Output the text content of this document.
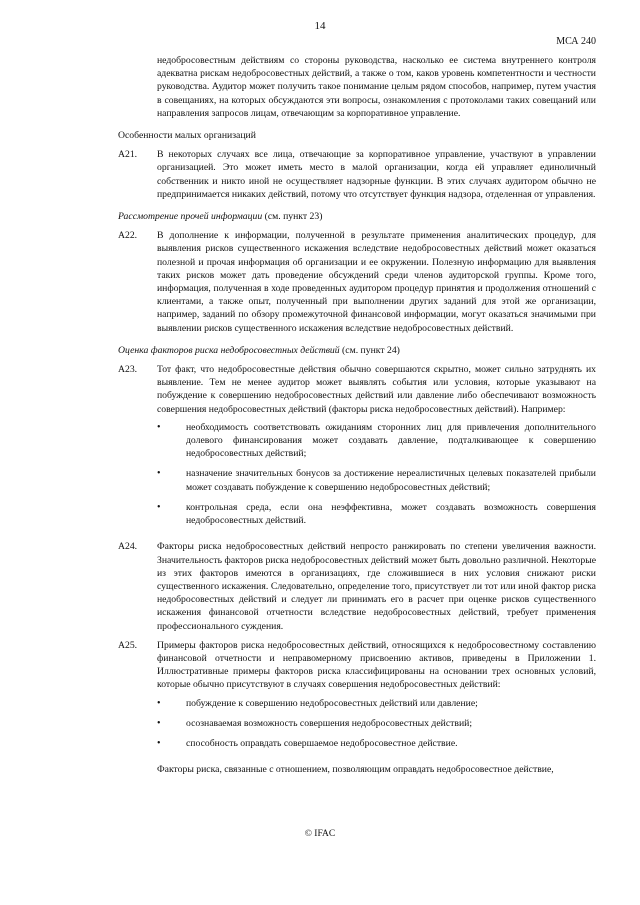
14
МСА 240

недобросовестным действиям со стороны руководства, насколько ее система внутреннего контроля адекватна рискам недобросовестных действий, а также о том, каков уровень компетентности и честности руководства. Аудитор может получить такое понимание целым рядом способов, например, путем участия в совещаниях, на которых обсуждаются эти вопросы, ознакомления с протоколами таких совещаний или направления запросов лицам, отвечающим за корпоративное управление.

Особенности малых организаций
A21.	В некоторых случаях все лица, отвечающие за корпоративное управление, участвуют в управлении организацией. Это может иметь место в малой организации, когда ей управляет единоличный собственник и никто иной не осуществляет надзорные функции. В этих случаях аудитором обычно не предпринимается никаких действий, потому что отсутствует функция надзора, отделенная от управления.
Рассмотрение прочей информации (см. пункт 23)
A22.	В дополнение к информации, полученной в результате применения аналитических процедур, для выявления рисков существенного искажения вследствие недобросовестных действий может оказаться полезной и прочая информация об организации и ее окружении. Полезную информацию для выявления таких рисков может дать проведение обсуждений среди членов аудиторской группы. Кроме того, информация, полученная в ходе проведенных аудитором процедур принятия и продолжения отношений с клиентами, а также опыт, полученный при выполнении других заданий для этой же организации, например, заданий по обзору промежуточной финансовой информации, могут оказаться значимыми при выявлении рисков существенного искажения вследствие недобросовестных действий.
Оценка факторов риска недобросовестных действий (см. пункт 24)
A23.	Тот факт, что недобросовестные действия обычно совершаются скрытно, может сильно затруднять их выявление. Тем не менее аудитор может выявлять события или условия, которые указывают на побуждение к совершению недобросовестных действий или давление либо обеспечивают возможность совершения недобросовестных действий (факторы риска недобросовестных действий). Например:
•	необходимость соответствовать ожиданиям сторонних лиц для привлечения дополнительного долевого финансирования может создавать давление, подталкивающее к совершению недобросовестных действий;
•	назначение значительных бонусов за достижение нереалистичных целевых показателей прибыли может создавать побуждение к совершению недобросовестных действий;
•	контрольная среда, если она неэффективна, может создавать возможность совершения недобросовестных действий.
A24.	Факторы риска недобросовестных действий непросто ранжировать по степени увеличения важности. Значительность факторов риска недобросовестных действий может быть довольно различной. Некоторые из этих факторов имеются в организациях, где сложившиеся в них условия снижают риски существенного искажения. Следовательно, определение того, присутствует ли тот или иной фактор риска недобросовестных действий и следует ли принимать его в расчет при оценке рисков существенного искажения финансовой отчетности вследствие недобросовестных действий, требует применения профессионального суждения.
A25.	Примеры факторов риска недобросовестных действий, относящихся к недобросовестному составлению финансовой отчетности и неправомерному присвоению активов, приведены в Приложении 1. Иллюстративные примеры факторов риска классифицированы на основании трех основных условий, которые обычно присутствуют в случаях совершения недобросовестных действий:
•	побуждение к совершению недобросовестных действий или давление;
•	осознаваемая возможность совершения недобросовестных действий;
•	способность оправдать совершаемое недобросовестное действие.

Факторы риска, связанные с отношением, позволяющим оправдать недобросовестное действие,

© IFAC
